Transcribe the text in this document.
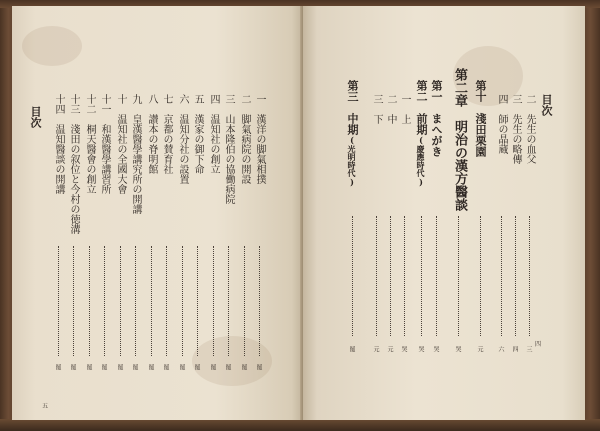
一　漢洋の脚氣相撲
罷
二　脚氣病院の開設
罷
三　山本隆伯の協働病院
罷
四　温知社の創立
罷
五　漢家の御下命
罷
六　温知分社の設置
罷
七　京都の賛育社
罷
八　讃本の脊明館
罷
九　皇漢醫學講究所の開講
罷
十　温知社の全國大會
罷
十一　和漢醫學講習所
罷
十二　桐天醫會の創立
罷
十三　淺田の叙位と今村の徳溝
罷
十四　温知醫談の開講
罷
目次
五
二　先生の血父
三
三　先生の略傳
四
四　師の晶蔵
六
第十　淺田栗園
元
第二章　明治の漢方醫談
哭
第一　まへがき
哭
第二　前期(慶應時代)
哭
一　上
哭
二　中
元
三　下
元
第三　中期(光明時代)
罷
目次
四
